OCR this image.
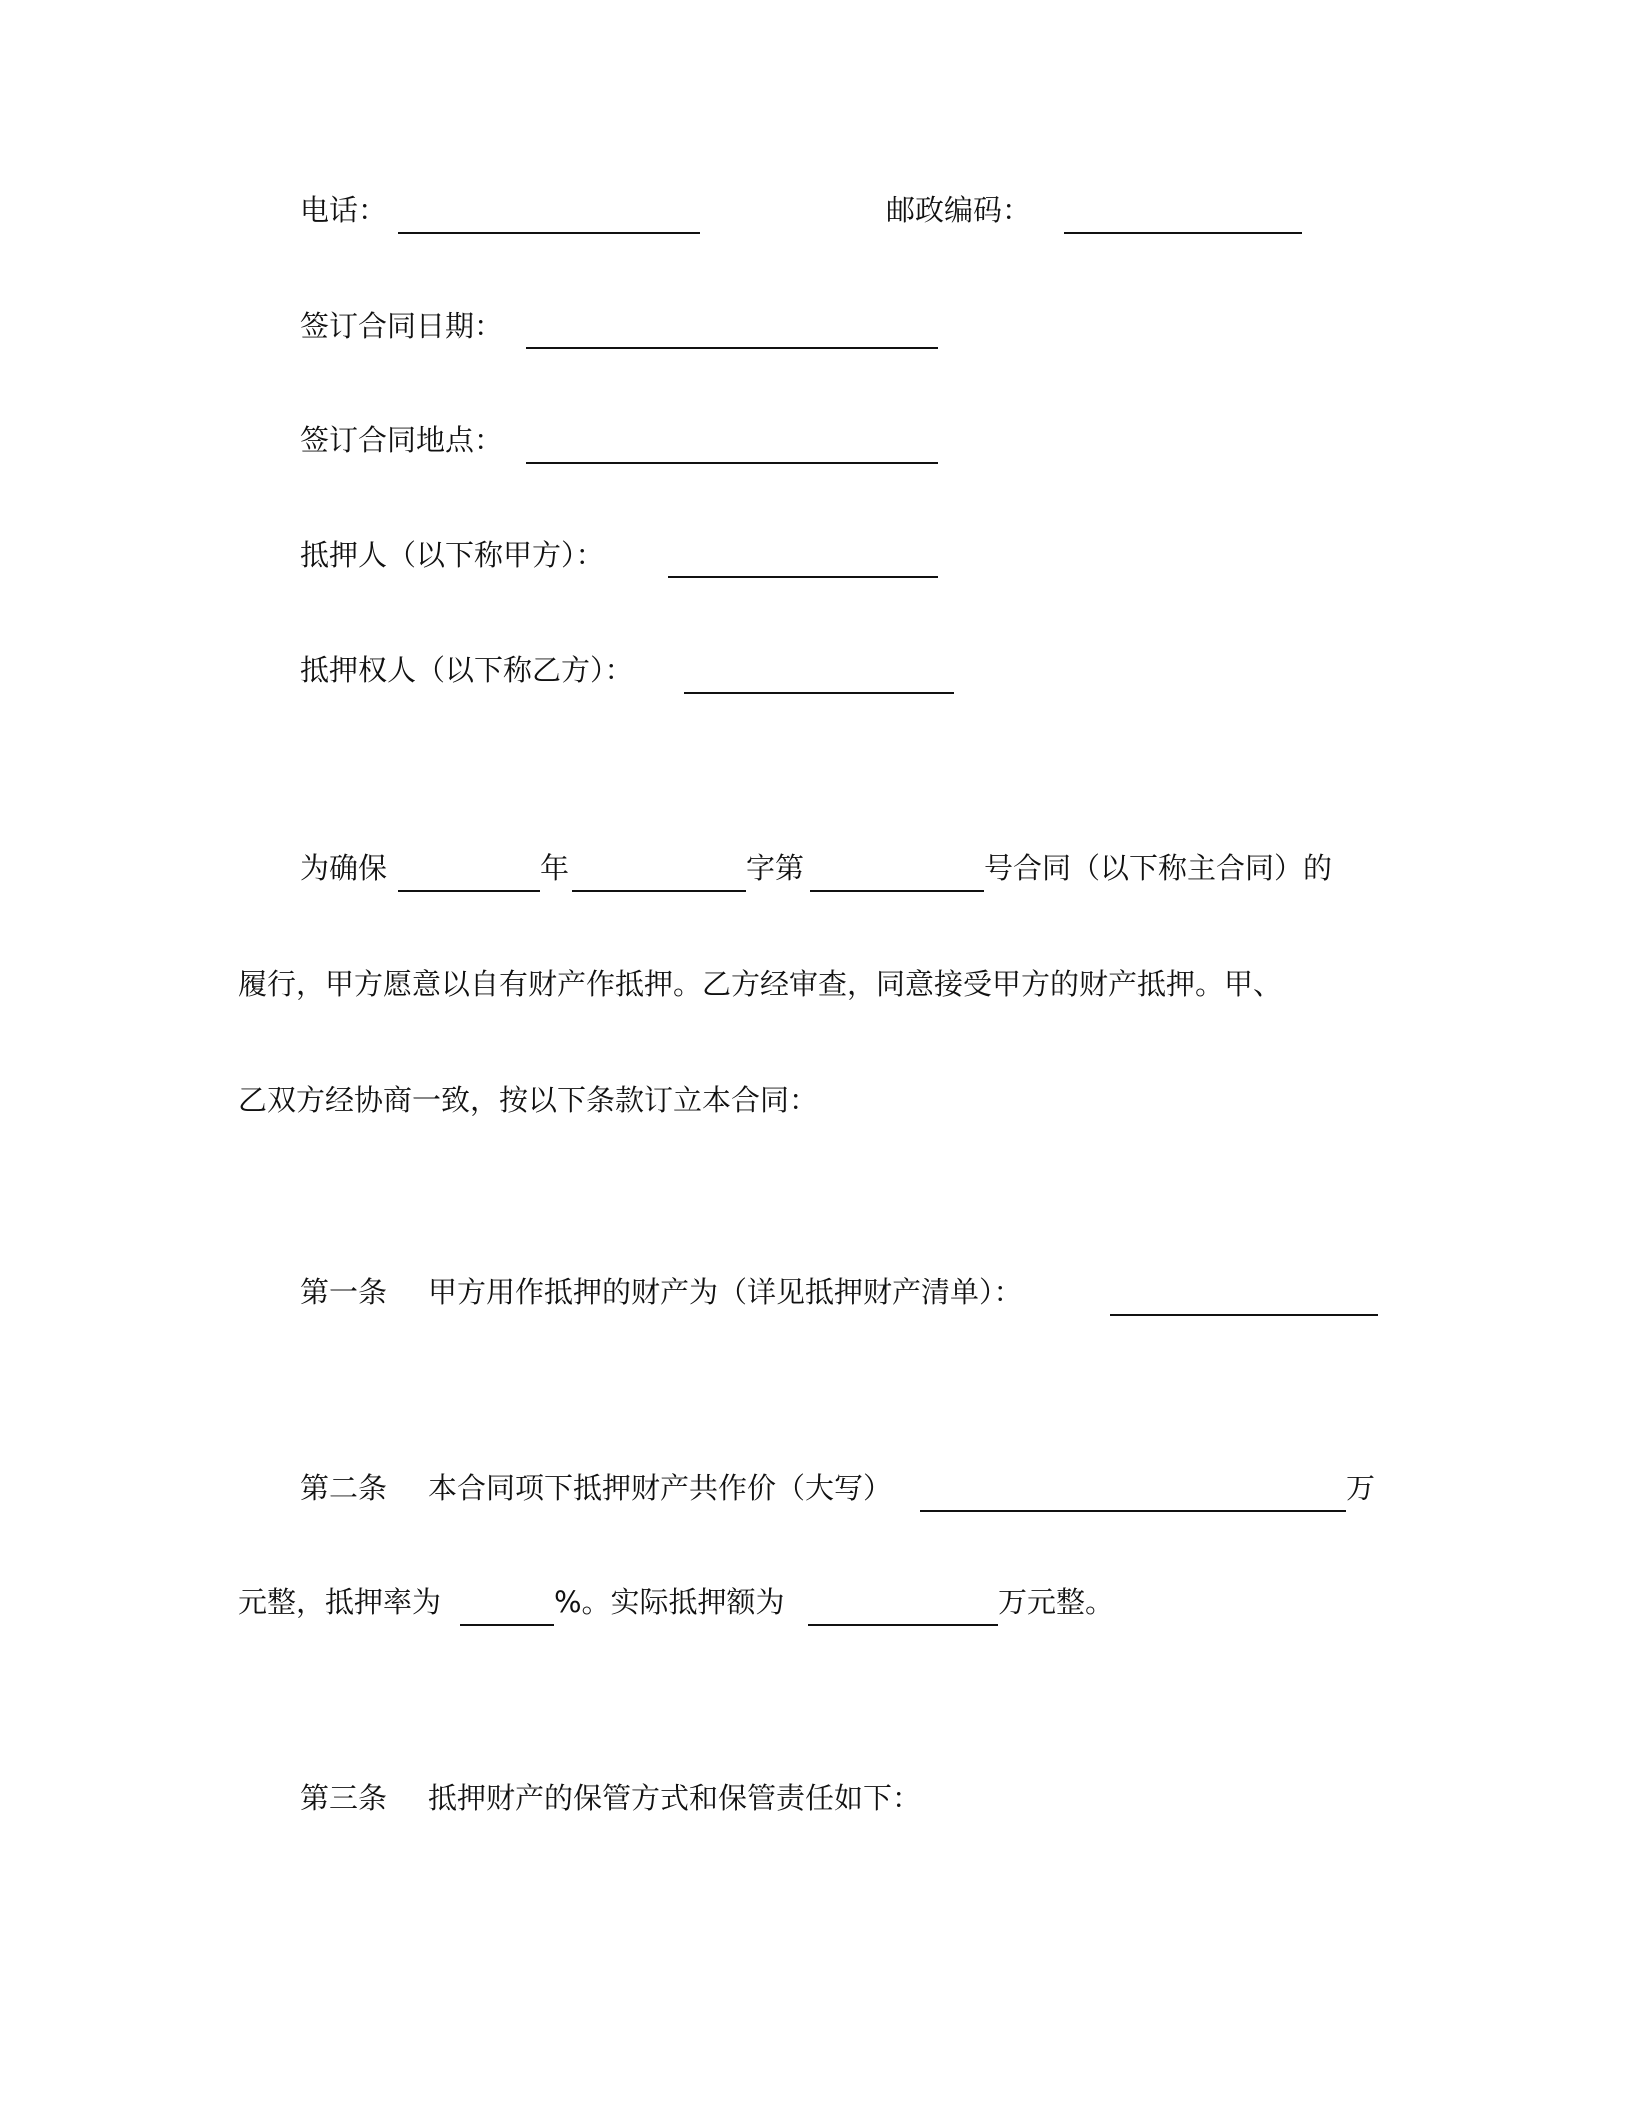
电话：	邮政编码：
签订合同日期：
签订合同地点：
抵押人（以下称甲方）：
抵押权人（以下称乙方）：
为确保	年	字第	号合同（以下称主合同）的
履行，甲方愿意以自有财产作抵押。乙方经审查，同意接受甲方的财产抵押。甲、
乙双方经协商一致，按以下条款订立本合同：
第一条 甲方用作抵押的财产为（详见抵押财产清单）：
第二条 本合同项下抵押财产共作价（大写）	万
元整，抵押率为	%。实际抵押额为	万元整。
第三条 抵押财产的保管方式和保管责任如下：
